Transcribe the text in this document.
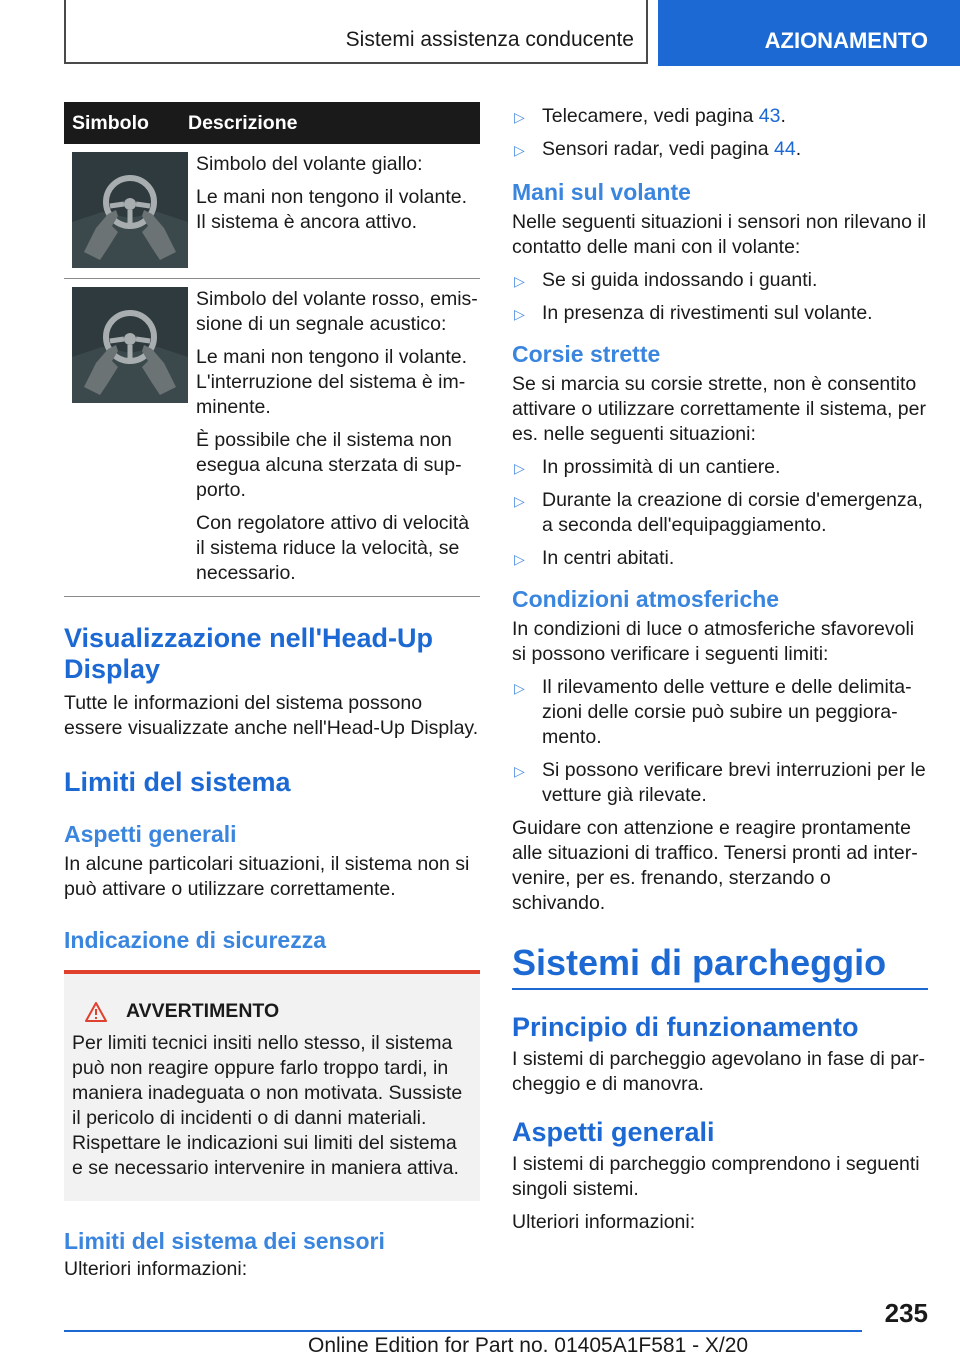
Sistemi assistenza conducente	AZIONAMENTO
Simbolo	Descrizione

Simbolo del volante giallo:

Le mani non tengono il volante. Il sistema è ancora attivo.

Simbolo del volante rosso, emissione di un segnale acustico:

Le mani non tengono il volante. L'interruzione del sistema è imminente.

È possibile che il sistema non esegua alcuna sterzata di supporto.

Con regolatore attivo di velocità il sistema riduce la velocità, se necessario.

Visualizzazione nell'Head-Up Display

Tutte le informazioni del sistema possono essere visualizzate anche nell'Head-Up Display.

Limiti del sistema
Aspetti generali

In alcune particolari situazioni, il sistema non si può attivare o utilizzare correttamente.

Indicazione di sicurezza
AVVERTIMENTO

Per limiti tecnici insiti nello stesso, il sistema può non reagire oppure farlo troppo tardi, in maniera inadeguata o non motivata. Sussiste il pericolo di incidenti o di danni materiali. Rispettare le indicazioni sui limiti del sistema e se necessario intervenire in maniera attiva.

Limiti del sistema dei sensori

Ulteriori informazioni:

▷ Telecamere, vedi pagina 43.
▷ Sensori radar, vedi pagina 44.
Mani sul volante

Nelle seguenti situazioni i sensori non rilevano il contatto delle mani con il volante:

▷ Se si guida indossando i guanti.
▷ In presenza di rivestimenti sul volante.
Corsie strette

Se si marcia su corsie strette, non è consentito attivare o utilizzare correttamente il sistema, per es. nelle seguenti situazioni:

▷ In prossimità di un cantiere.
▷ Durante la creazione di corsie d'emergenza, a seconda dell'equipaggiamento.
▷ In centri abitati.
Condizioni atmosferiche

In condizioni di luce o atmosferiche sfavorevoli si possono verificare i seguenti limiti:

▷ Il rilevamento delle vetture e delle delimitazioni delle corsie può subire un peggioramento.
▷ Si possono verificare brevi interruzioni per le vetture già rilevate.

Guidare con attenzione e reagire prontamente alle situazioni di traffico. Tenersi pronti ad intervenire, per es. frenando, sterzando o schivando.

Sistemi di parcheggio
Principio di funzionamento

I sistemi di parcheggio agevolano in fase di parcheggio e di manovra.

Aspetti generali

I sistemi di parcheggio comprendono i seguenti singoli sistemi.

Ulteriori informazioni:

235
Online Edition for Part no. 01405A1F581 - X/20
